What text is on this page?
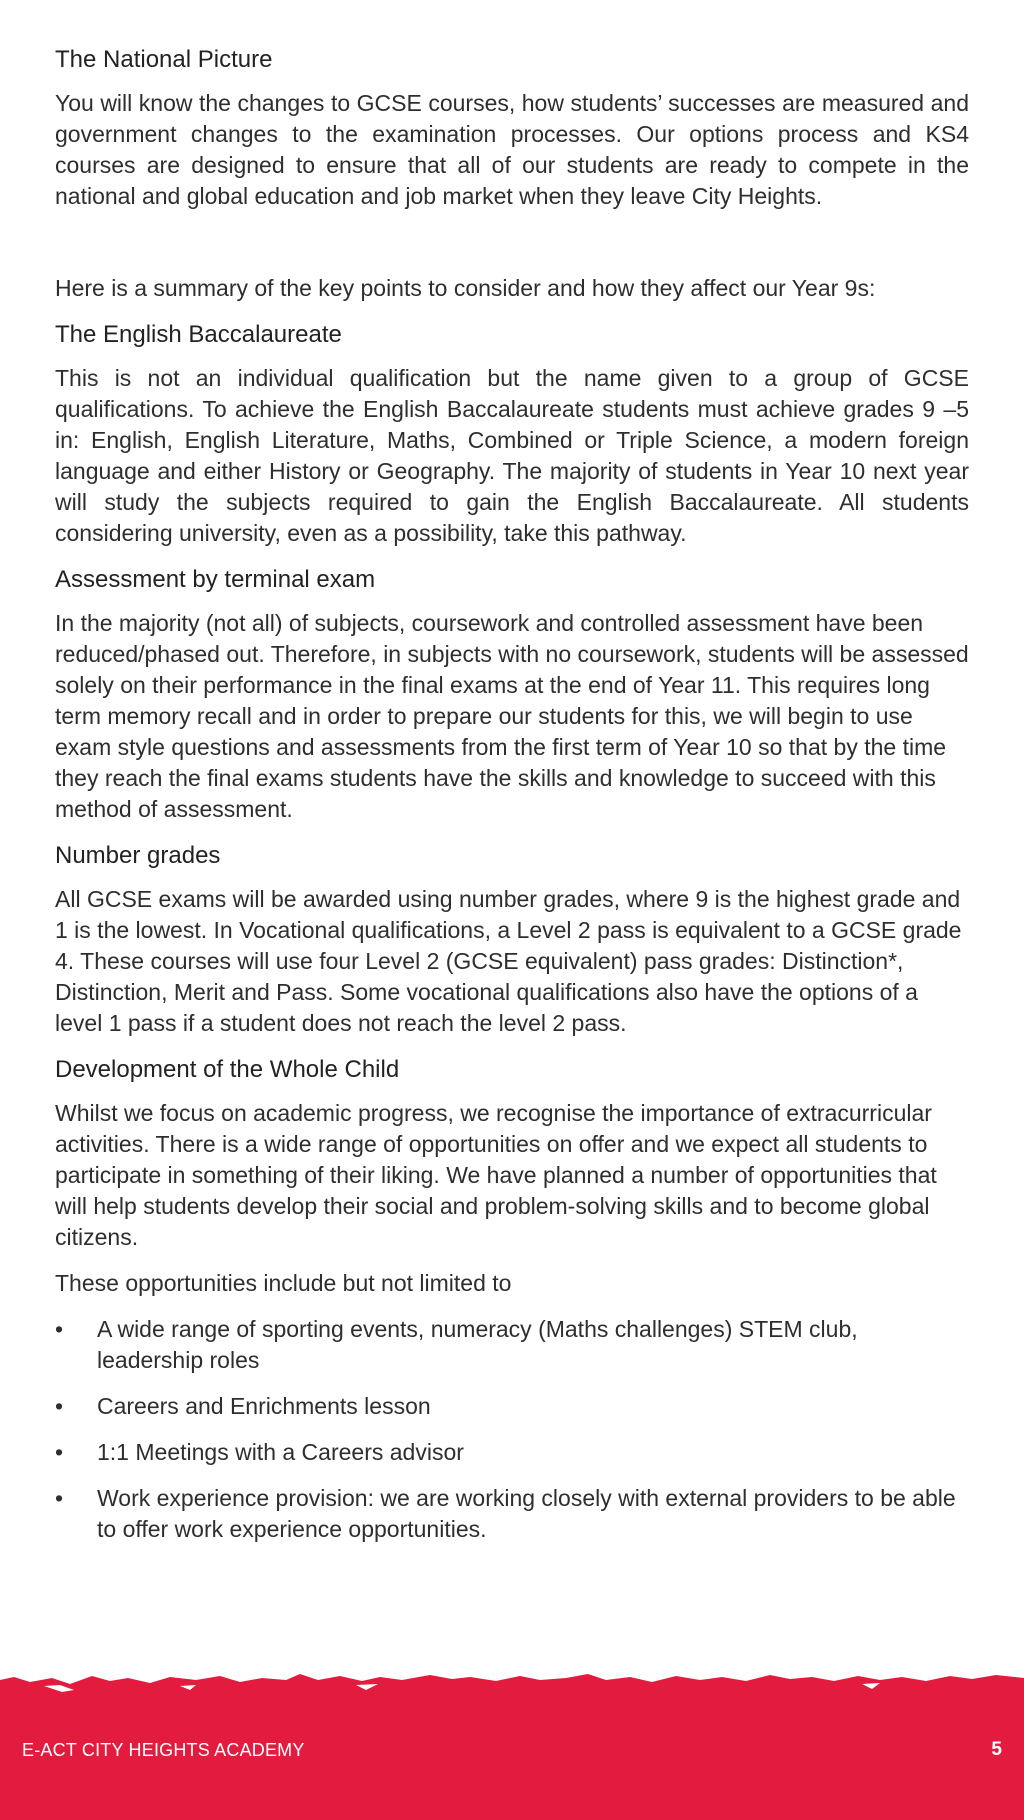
The National Picture

You will know the changes to GCSE courses, how students’ successes are measured and government changes to the examination processes. Our options process and KS4 courses are designed to ensure that all of our students are ready to compete in the national and global education and job market when they leave City Heights.

Here is a summary of the key points to consider and how they affect our Year 9s:

The English Baccalaureate

This is not an individual qualification but the name given to a group of GCSE qualifications. To achieve the English Baccalaureate students must achieve grades 9 –5 in: English, English Literature, Maths, Combined or Triple Science, a modern foreign language and either History or Geography. The majority of students in Year 10 next year will study the subjects required to gain the English Baccalaureate. All students considering university, even as a possibility, take this pathway.

Assessment by terminal exam

In the majority (not all) of subjects, coursework and controlled assessment have been reduced/phased out. Therefore, in subjects with no coursework, students will be assessed solely on their performance in the final exams at the end of Year 11. This requires long term memory recall and in order to prepare our students for this, we will begin to use exam style questions and assessments from the first term of Year 10 so that by the time they reach the final exams students have the skills and knowledge to succeed with this method of assessment.

Number grades

All GCSE exams will be awarded using number grades, where 9 is the highest grade and 1 is the lowest. In Vocational qualifications, a Level 2 pass is equivalent to a GCSE grade 4. These courses will use four Level 2 (GCSE equivalent) pass grades: Distinction*, Distinction, Merit and Pass. Some vocational qualifications also have the options of a level 1 pass if a student does not reach the level 2 pass.

Development of the Whole Child

Whilst we focus on academic progress, we recognise the importance of extracurricular activities. There is a wide range of opportunities on offer and we expect all students to participate in something of their liking. We have planned a number of opportunities that will help students develop their social and problem-solving skills and to become global citizens.

These opportunities include but not limited to

•	A wide range of sporting events, numeracy (Maths challenges) STEM club, leadership roles
•	Careers and Enrichments lesson
•	1:1 Meetings with a Careers advisor
•	Work experience provision: we are working closely with external providers to be able to offer work experience opportunities.
E-ACT CITY HEIGHTS ACADEMY	5
